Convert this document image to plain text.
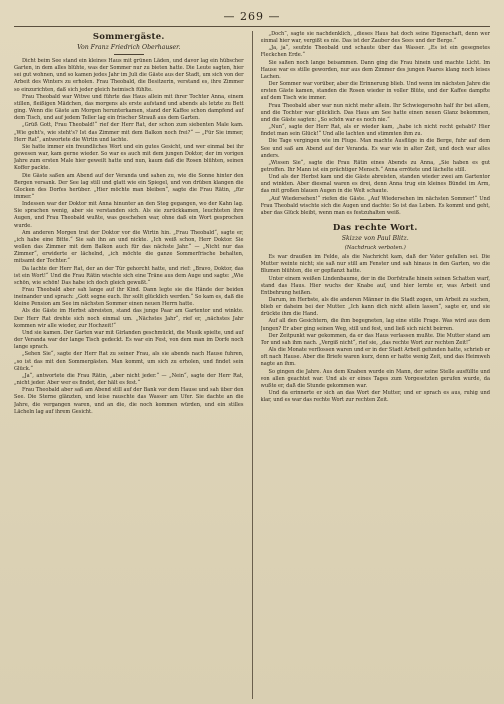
— 269 —
Sommergäste.
Von Franz Friedrich Oberhauser.

Dicht beim See stand ein kleines Haus mit grünen Läden, und davor lag ein hübscher Garten, in dem alles blühte, was der Sommer nur zu bieten hatte. Die Leute sagten, hier sei gut wohnen, und so kamen jedes Jahr im Juli die Gäste aus der Stadt, um sich von der Arbeit des Winters zu erholen. Frau Theobald, die Besitzerin, verstand es, ihre Zimmer so einzurichten, daß sich jeder gleich heimisch fühlte.

Frau Theobald war Witwe und führte das Haus allein mit ihrer Tochter Anna, einem stillen, fleißigen Mädchen, das morgens als erste aufstand und abends als letzte zu Bett ging. Wenn die Gäste am Morgen herunterkamen, stand der Kaffee schon dampfend auf dem Tisch, und auf jedem Teller lag ein frischer Strauß aus dem Garten.

„Grüß Gott, Frau Theobald!“ rief der Herr Rat, der schon zum siebenten Male kam. „Wie geht's, wie steht's? Ist das Zimmer mit dem Balkon noch frei?“ — „Für Sie immer, Herr Rat“, antwortete die Wirtin und lachte.

Sie hatte immer ein freundliches Wort und ein gutes Gesicht, und wer einmal bei ihr gewesen war, kam gerne wieder. So war es auch mit dem jungen Doktor, der im vorigen Jahre zum ersten Male hier geweilt hatte und nun, kaum daß die Rosen blühten, seinen Koffer packte.

Die Gäste saßen am Abend auf der Veranda und sahen zu, wie die Sonne hinter den Bergen versank. Der See lag still und glatt wie ein Spiegel, und von drüben klangen die Glocken des Dorfes herüber. „Hier möchte man bleiben“, sagte die Frau Rätin, „für immer.“

Indessen war der Doktor mit Anna hinunter an den Steg gegangen, wo der Kahn lag. Sie sprachen wenig, aber sie verstanden sich. Als sie zurückkamen, leuchteten ihre Augen, und Frau Theobald wußte, was geschehen war, ohne daß ein Wort gesprochen wurde.

Am anderen Morgen trat der Doktor vor die Wirtin hin. „Frau Theobald“, sagte er, „ich habe eine Bitte.“ Sie sah ihn an und nickte. „Ich weiß schon, Herr Doktor. Sie wollen das Zimmer mit dem Balkon auch für das nächste Jahr.“ — „Nicht nur das Zimmer“, erwiderte er lächelnd, „ich möchte die ganze Sommerfrische behalten, mitsamt der Tochter.“

Da lachte der Herr Rat, der an der Tür gehorcht hatte, und rief: „Bravo, Doktor, das ist ein Wort!“ Und die Frau Rätin wischte sich eine Träne aus dem Auge und sagte: „Wie schön, wie schön! Das habe ich doch gleich gewußt.“

Frau Theobald aber sah lange auf ihr Kind. Dann legte sie die Hände der beiden ineinander und sprach: „Gott segne euch. Ihr sollt glücklich werden.“ So kam es, daß die kleine Pension am See im nächsten Sommer einen neuen Herrn hatte.

Als die Gäste im Herbst abreisten, stand das junge Paar am Gartentor und winkte. Der Herr Rat drehte sich noch einmal um. „Nächstes Jahr“, rief er, „nächstes Jahr kommen wir alle wieder, zur Hochzeit!“

Und sie kamen. Der Garten war mit Girlanden geschmückt, die Musik spielte, und auf der Veranda war der lange Tisch gedeckt. Es war ein Fest, von dem man im Dorfe noch lange sprach.

„Sehen Sie“, sagte der Herr Rat zu seiner Frau, als sie abends nach Hause fuhren, „so ist das mit den Sommergästen. Man kommt, um sich zu erholen, und findet sein Glück.“

„Ja“, antwortete die Frau Rätin, „aber nicht jeder.“ — „Nein“, sagte der Herr Rat, „nicht jeder. Aber wer es findet, der hält es fest.“

Frau Theobald aber saß am Abend still auf der Bank vor dem Hause und sah über den See. Die Sterne glänzten, und leise rauschte das Wasser am Ufer. Sie dachte an die Jahre, die vergangen waren, und an die, die noch kommen würden, und ein stilles Lächeln lag auf ihrem Gesicht.

„Doch“, sagte sie nachdenklich, „dieses Haus hat doch seine Eigenschaft, denn wer einmal hier war, vergißt es nie. Das ist der Zauber des Sees und der Berge.“

„Ja, ja“, seufzte Theobald und schaute über das Wasser. „Es ist ein gesegnetes Fleckchen Erde.“

Sie saßen noch lange beisammen. Dann ging die Frau hinein und machte Licht. Im Hause war es stille geworden, nur aus dem Zimmer des jungen Paares klang noch leises Lachen.

Der Sommer war vorüber, aber die Erinnerung blieb. Und wenn im nächsten Jahre die ersten Gäste kamen, standen die Rosen wieder in voller Blüte, und der Kaffee dampfte auf dem Tisch wie immer.

Frau Theobald aber war nun nicht mehr allein. Ihr Schwiegersohn half ihr bei allem, und die Tochter war glücklich. Das Haus am See hatte einen neuen Glanz bekommen, und die Gäste sagten: „So schön war es noch nie.“

„Nun“, sagte der Herr Rat, als er wieder kam, „habe ich nicht recht gehabt? Hier findet man sein Glück!“ Und alle lachten und stimmten ihm zu.

Die Tage vergingen wie im Fluge. Man machte Ausflüge in die Berge, fuhr auf dem See und saß am Abend auf der Veranda. Es war wie in alter Zeit, und doch war alles anders.

„Wissen Sie“, sagte die Frau Rätin eines Abends zu Anna, „Sie haben es gut getroffen. Ihr Mann ist ein prächtiger Mensch.“ Anna errötete und lächelte still.

Und als der Herbst kam und die Gäste abreisten, standen wieder zwei am Gartentor und winkten. Aber diesmal waren es drei, denn Anna trug ein kleines Bündel im Arm, das mit großen blauen Augen in die Welt schaute.

„Auf Wiedersehen!“ riefen die Gäste. „Auf Wiedersehen im nächsten Sommer!“ Und Frau Theobald wischte sich die Augen und dachte: So ist das Leben. Es kommt und geht, aber das Glück bleibt, wenn man es festzuhalten weiß.

Das rechte Wort.
Skizze von Paul Blitz.
(Nachdruck verboten.)

Es war draußen im Felde, als die Nachricht kam, daß der Vater gefallen sei. Die Mutter weinte nicht; sie saß nur still am Fenster und sah hinaus in den Garten, wo die Blumen blühten, die er gepflanzt hatte.

Unter einem weißen Lindenbaume, der in die Dorfstraße hinein seinen Schatten warf, stand das Haus. Hier wuchs der Knabe auf, und hier lernte er, was Arbeit und Entbehrung heißen.

Darum, im Herbste, als die anderen Männer in die Stadt zogen, um Arbeit zu suchen, blieb er daheim bei der Mutter. „Ich kann dich nicht allein lassen“, sagte er, und sie drückte ihm die Hand.

Auf all den Gesichtern, die ihm begegneten, lag eine stille Frage. Was wird aus dem Jungen? Er aber ging seinen Weg, still und fest, und ließ sich nicht beirren.

Der Zeitpunkt war gekommen, da er das Haus verlassen mußte. Die Mutter stand am Tor und sah ihm nach. „Vergiß nicht“, rief sie, „das rechte Wort zur rechten Zeit!“

Als die Monate verflossen waren und er in der Stadt Arbeit gefunden hatte, schrieb er oft nach Hause. Aber die Briefe waren kurz, denn er hatte wenig Zeit, und das Heimweh nagte an ihm.

So gingen die Jahre. Aus dem Knaben wurde ein Mann, der seine Stelle ausfüllte und von allen geachtet war. Und als er eines Tages zum Vorgesetzten gerufen wurde, da wußte er, daß die Stunde gekommen war.

Und da erinnerte er sich an das Wort der Mutter, und er sprach es aus, ruhig und klar, und es war das rechte Wort zur rechten Zeit.
